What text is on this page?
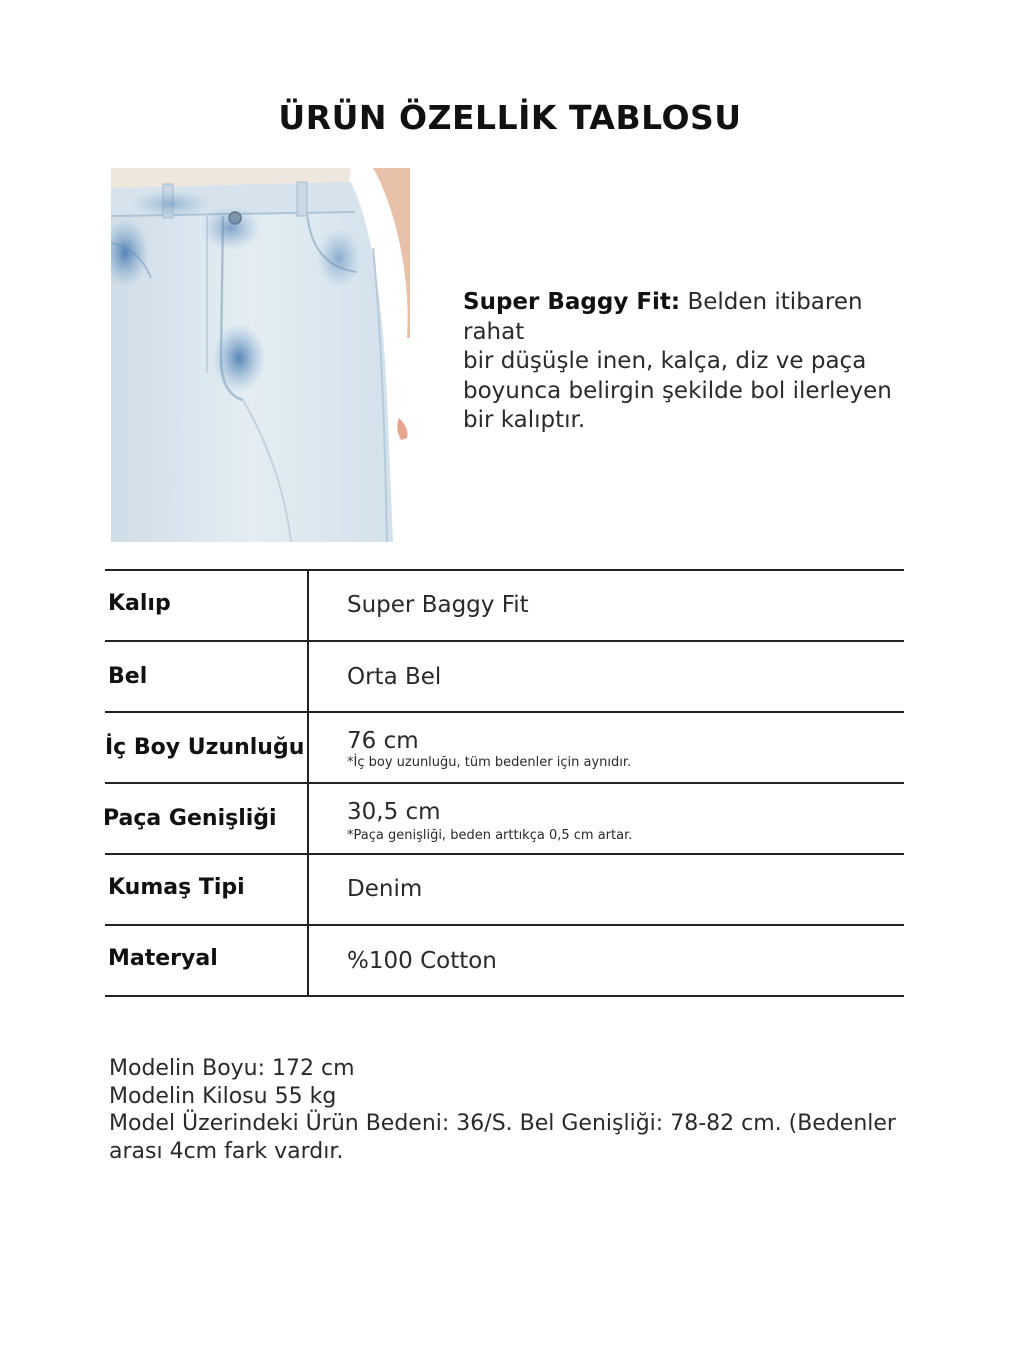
ÜRÜN ÖZELLİK TABLOSU
Super Baggy Fit: Belden itibaren rahat
bir düşüşle inen, kalça, diz ve paça
boyunca belirgin şekilde bol ilerleyen
bir kalıptır.
Kalıp	Super Baggy Fit
Bel	Orta Bel
İç Boy Uzunluğu 76 cm
*İç boy uzunluğu, tüm bedenler için aynıdır.
Paça Genişliği	30,5 cm
*Paça genişliği, beden arttıkça 0,5 cm artar.
Kumaş Tipi	Denim
Materyal	%100 Cotton
Modelin Boyu: 172 cm
Modelin Kilosu 55 kg
Model Üzerindeki Ürün Bedeni: 36/S. Bel Genişliği: 78-82 cm. (Bedenler
arası 4cm fark vardır.
